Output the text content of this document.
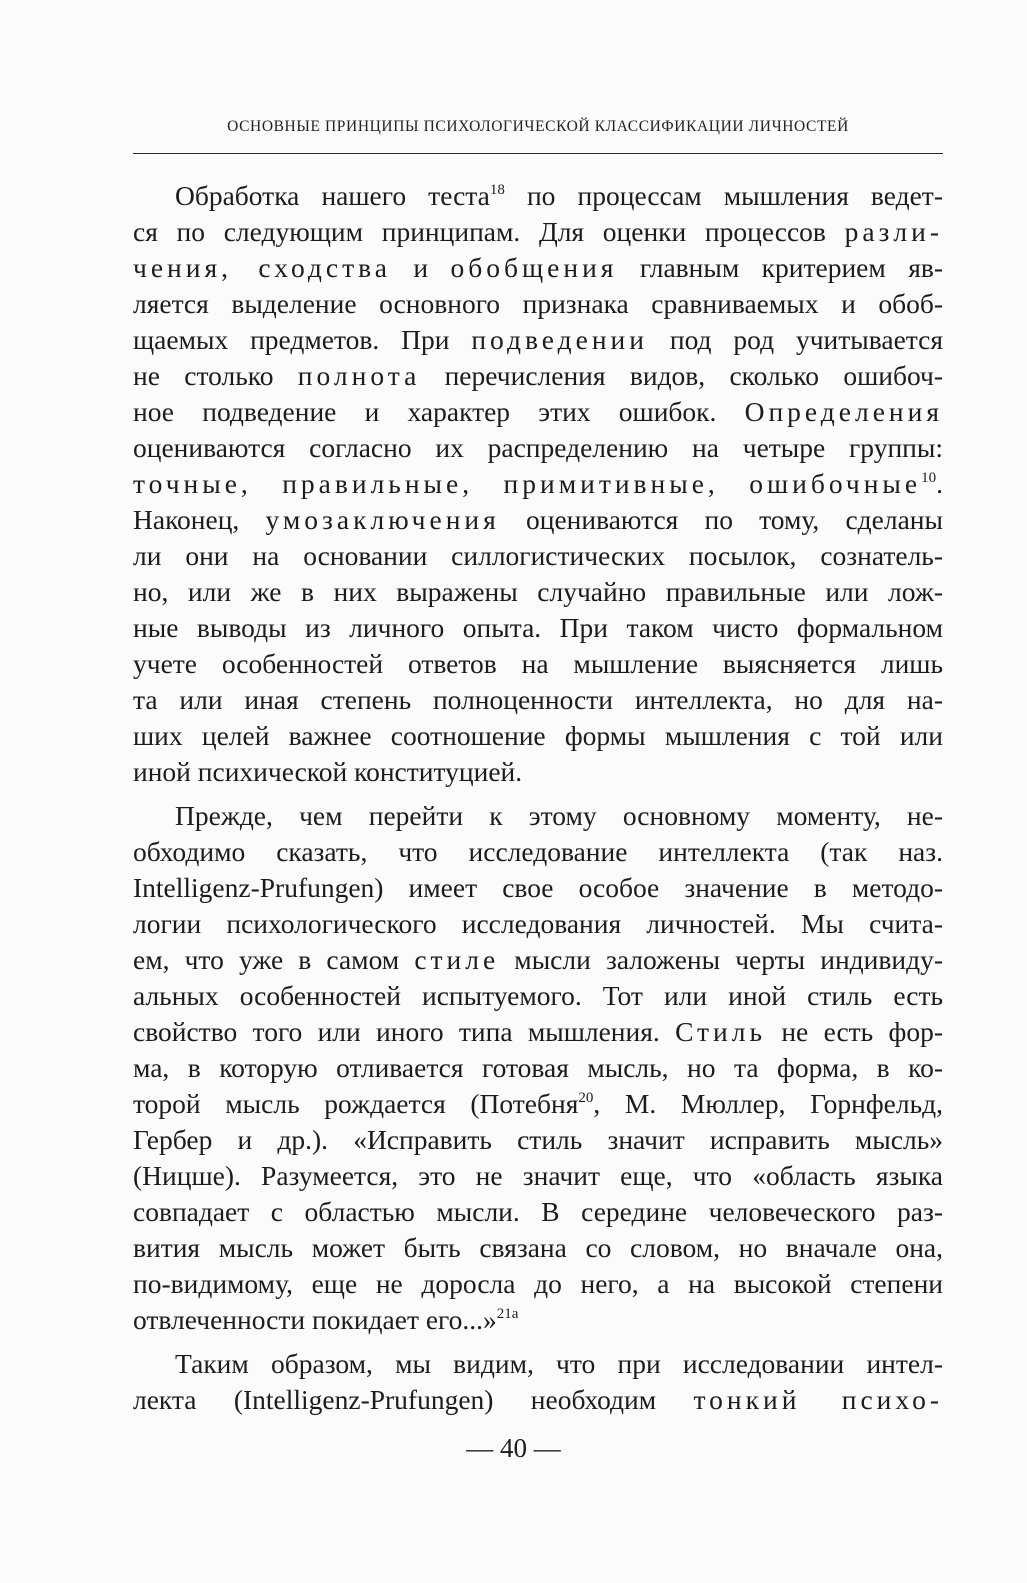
ОСНОВНЫЕ ПРИНЦИПЫ ПСИХОЛОГИЧЕСКОЙ КЛАССИФИКАЦИИ ЛИЧНОСТЕЙ

Обработка нашего теста$^{18}$ по процессам мышления ведет-
ся по следующим принципам. Для оценки процессов разли-
чения, сходства и обобщения главным критерием яв-
ляется выделение основного признака сравниваемых и обоб-
щаемых предметов. При подведении под род учитывается
не столько полнота перечисления видов, сколько ошибоч-
ное подведение и характер этих ошибок. Определения
оцениваются согласно их распределению на четыре группы:
точные, правильные, примитивные, ошибочные$^{10}$.
Наконец, умозаключения оцениваются по тому, сделаны
ли они на основании силлогистических посылок, сознатель-
но, или же в них выражены случайно правильные или лож-
ные выводы из личного опыта. При таком чисто формальном
учете особенностей ответов на мышление выясняется лишь
та или иная степень полноценности интеллекта, но для на-
ших целей важнее соотношение формы мышления с той или
иной психической конституцией.

Прежде, чем перейти к этому основному моменту, не-
обходимо сказать, что исследование интеллекта (так наз.
Intelligenz-Prufungen) имеет свое особое значение в методо-
логии психологического исследования личностей. Мы счита-
ем, что уже в самом стиле мысли заложены черты индивиду-
альных особенностей испытуемого. Тот или иной стиль есть
свойство того или иного типа мышления. Стиль не есть фор-
ма, в которую отливается готовая мысль, но та форма, в ко-
торой мысль рождается (Потебня$^{20}$, М. Мюллер, Горнфельд,
Гербер и др.). «Исправить стиль значит исправить мысль»
(Ницше). Разумеется, это не значит еще, что «область языка
совпадает с областью мысли. В середине человеческого раз-
вития мысль может быть связана со словом, но вначале она,
по-видимому, еще не доросла до него, а на высокой степени
отвлеченности покидает его...»$^{21a}$

Таким образом, мы видим, что при исследовании интел-
лекта (Intelligenz-Prufungen) необходим тонкий психо-

— 40 —
